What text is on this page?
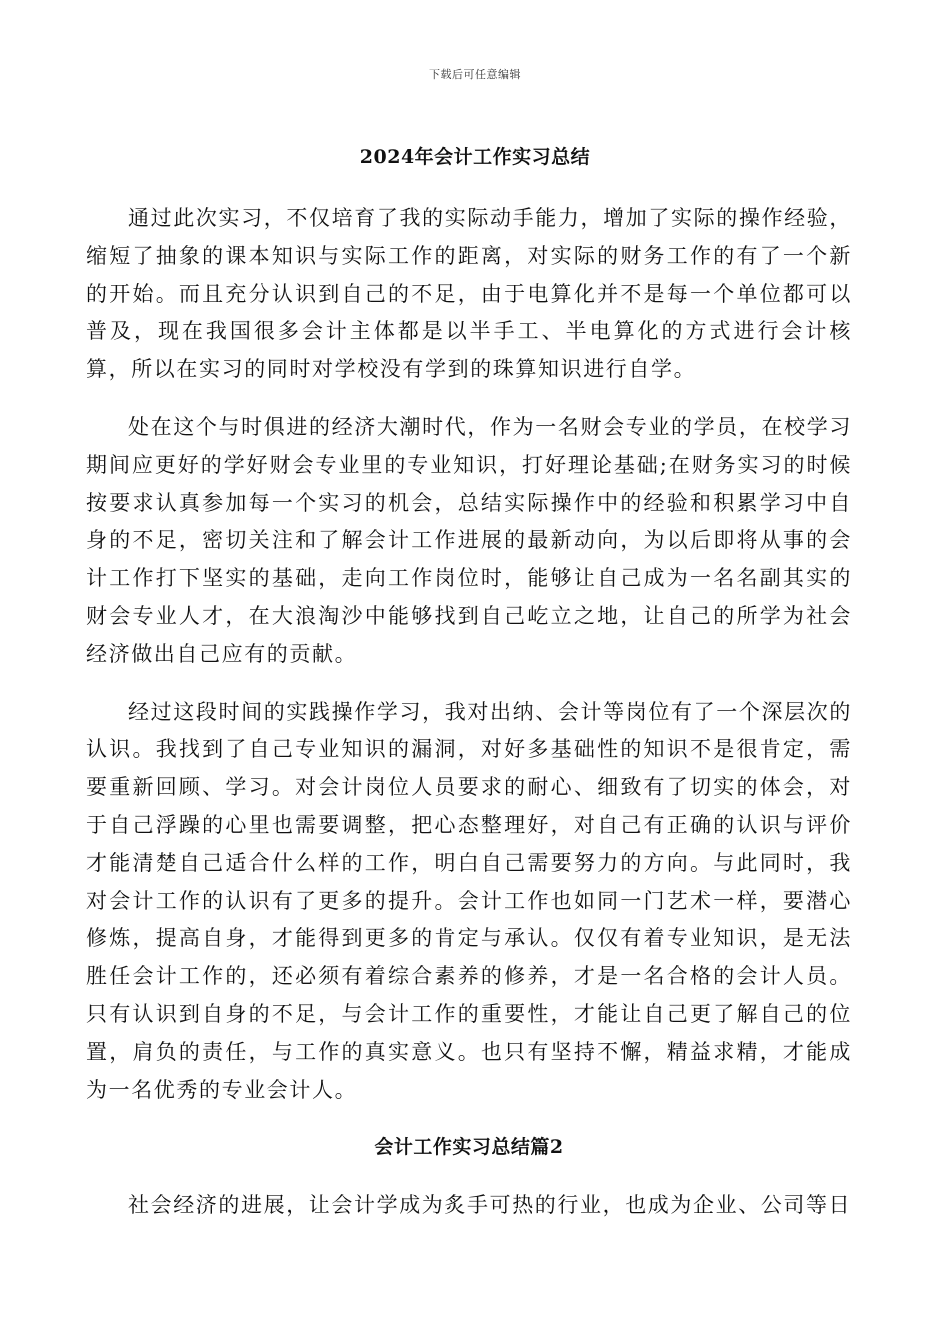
下载后可任意编辑
2024年会计工作实习总结

通过此次实习，不仅培育了我的实际动手能力，增加了实际的操作经验，缩短了抽象的课本知识与实际工作的距离，对实际的财务工作的有了一个新的开始。而且充分认识到自己的不足，由于电算化并不是每一个单位都可以普及，现在我国很多会计主体都是以半手工、半电算化的方式进行会计核算，所以在实习的同时对学校没有学到的珠算知识进行自学。

处在这个与时俱进的经济大潮时代，作为一名财会专业的学员，在校学习期间应更好的学好财会专业里的专业知识，打好理论基础;在财务实习的时候按要求认真参加每一个实习的机会，总结实际操作中的经验和积累学习中自身的不足，密切关注和了解会计工作进展的最新动向，为以后即将从事的会计工作打下坚实的基础，走向工作岗位时，能够让自己成为一名名副其实的财会专业人才，在大浪淘沙中能够找到自己屹立之地，让自己的所学为社会经济做出自己应有的贡献。

经过这段时间的实践操作学习，我对出纳、会计等岗位有了一个深层次的认识。我找到了自己专业知识的漏洞，对好多基础性的知识不是很肯定，需要重新回顾、学习。对会计岗位人员要求的耐心、细致有了切实的体会，对于自己浮躁的心里也需要调整，把心态整理好，对自己有正确的认识与评价才能清楚自己适合什么样的工作，明白自己需要努力的方向。与此同时，我对会计工作的认识有了更多的提升。会计工作也如同一门艺术一样，要潜心修炼，提高自身，才能得到更多的肯定与承认。仅仅有着专业知识，是无法胜任会计工作的，还必须有着综合素养的修养，才是一名合格的会计人员。只有认识到自身的不足，与会计工作的重要性，才能让自己更了解自己的位置，肩负的责任，与工作的真实意义。也只有坚持不懈，精益求精，才能成为一名优秀的专业会计人。

会计工作实习总结篇2

社会经济的进展，让会计学成为炙手可热的行业，也成为企业、公司等日
